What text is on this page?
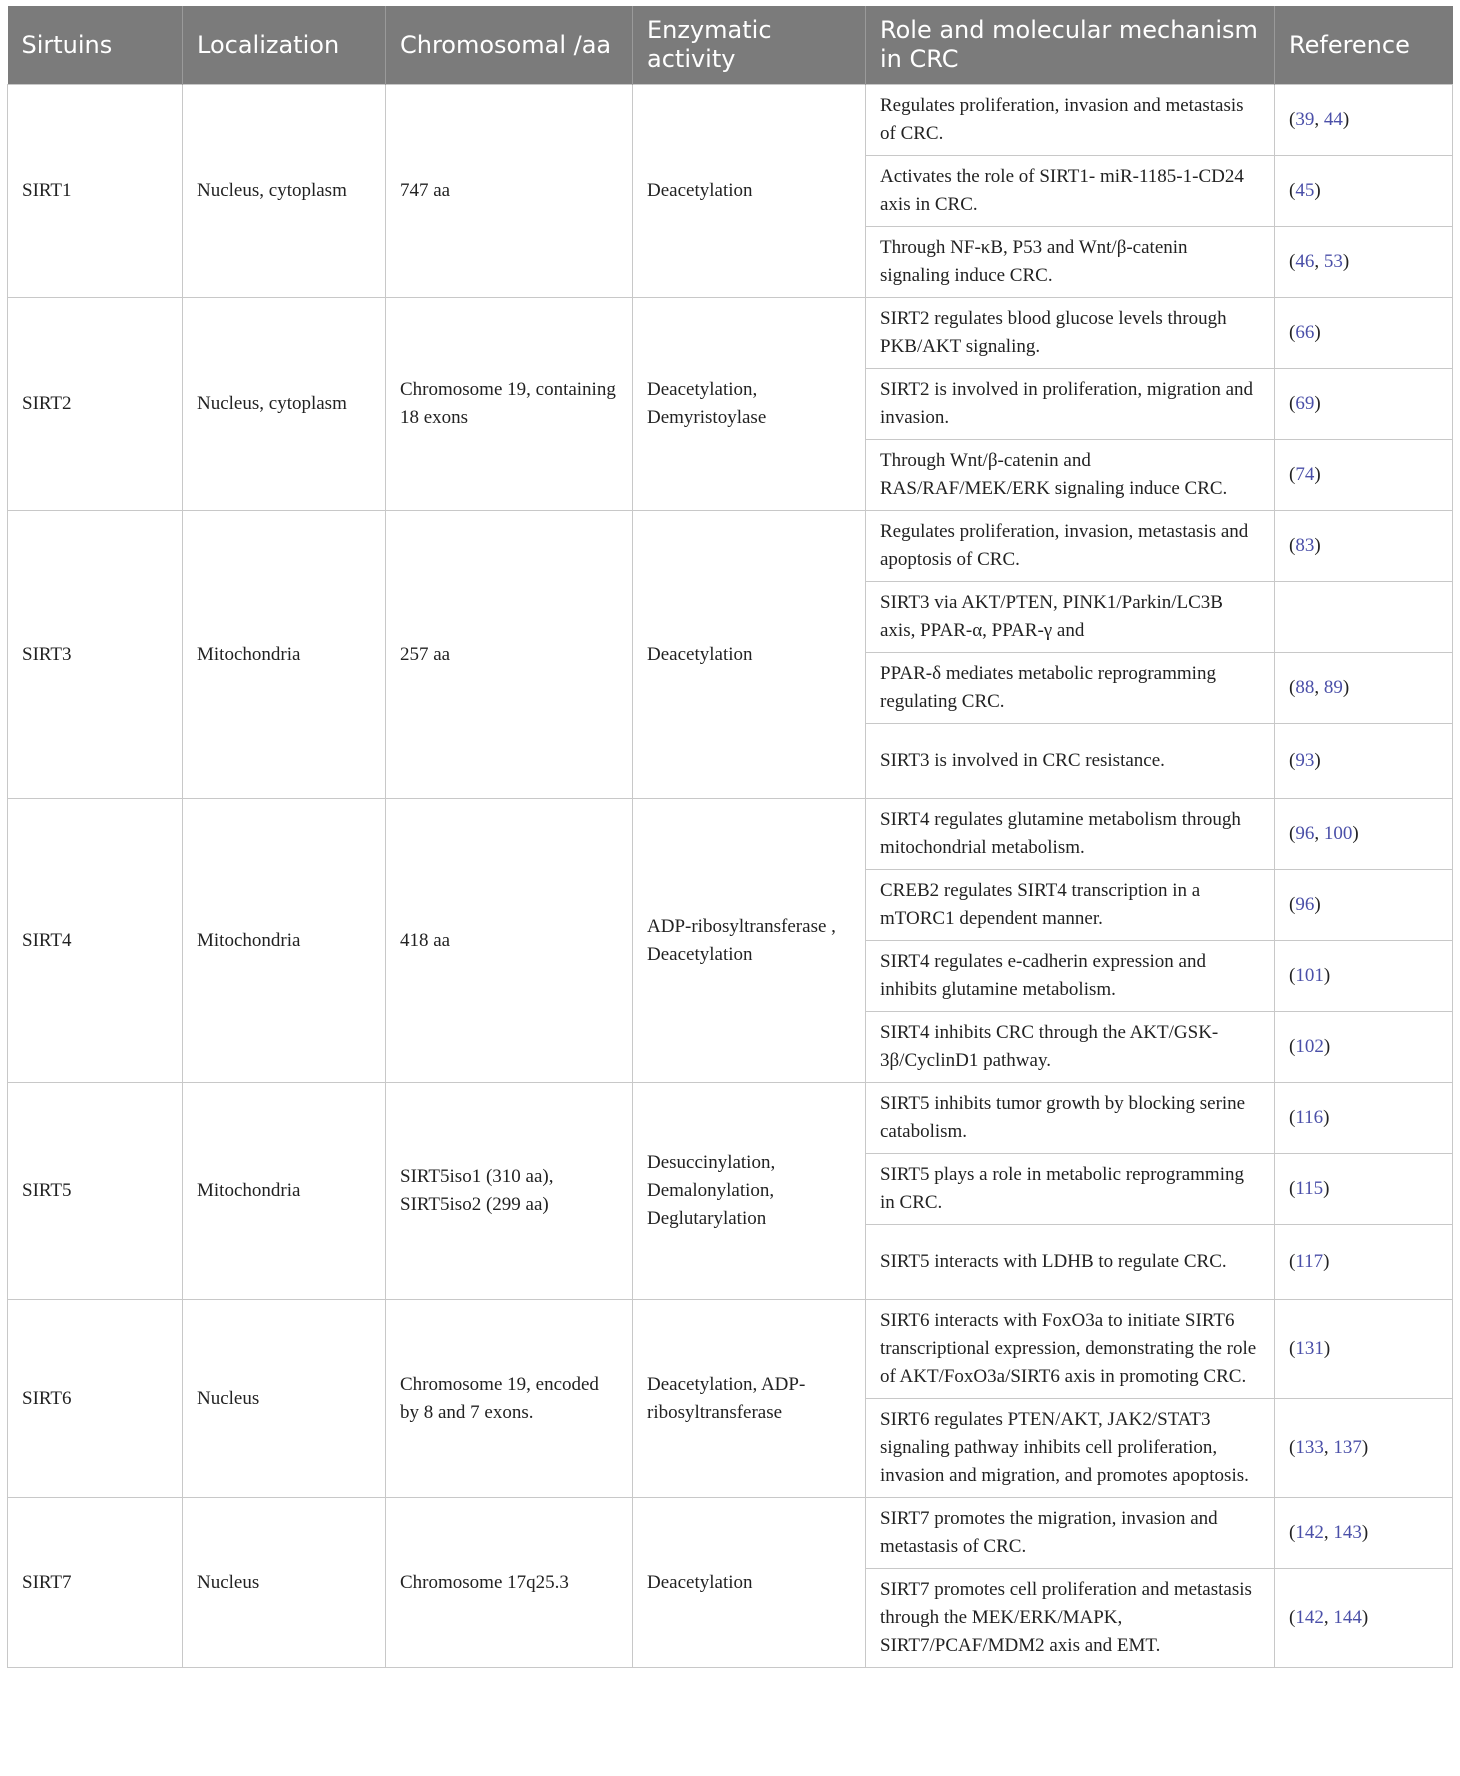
Sirtuins	Localization	Chromosomal /aa	Enzymatic activity	Role and molecular mechanism in CRC	Reference
SIRT1	Nucleus, cytoplasm	747 aa	Deacetylation	Regulates proliferation, invasion and metastasis of CRC.	(39, 44)
				Activates the role of SIRT1- miR-1185-1-CD24 axis in CRC.	(45)
				Through NF-κB, P53 and Wnt/β-catenin signaling induce CRC.	(46, 53)
SIRT2	Nucleus, cytoplasm	Chromosome 19, containing 18 exons	Deacetylation, Demyristoylase	SIRT2 regulates blood glucose levels through PKB/AKT signaling.	(66)
				SIRT2 is involved in proliferation, migration and invasion.	(69)
				Through Wnt/β-catenin and RAS/RAF/MEK/ERK signaling induce CRC.	(74)
SIRT3	Mitochondria	257 aa	Deacetylation	Regulates proliferation, invasion, metastasis and apoptosis of CRC.	(83)
				SIRT3 via AKT/PTEN, PINK1/Parkin/LC3B axis, PPAR-α, PPAR-γ and	
				PPAR-δ mediates metabolic reprogramming regulating CRC.	(88, 89)
				SIRT3 is involved in CRC resistance.	(93)
SIRT4	Mitochondria	418 aa	ADP-ribosyltransferase , Deacetylation	SIRT4 regulates glutamine metabolism through mitochondrial metabolism.	(96, 100)
				CREB2 regulates SIRT4 transcription in a mTORC1 dependent manner.	(96)
				SIRT4 regulates e-cadherin expression and inhibits glutamine metabolism.	(101)
				SIRT4 inhibits CRC through the AKT/GSK-3β/CyclinD1 pathway.	(102)
SIRT5	Mitochondria	SIRT5iso1 (310 aa), SIRT5iso2 (299 aa)	Desuccinylation, Demalonylation, Deglutarylation	SIRT5 inhibits tumor growth by blocking serine catabolism.	(116)
				SIRT5 plays a role in metabolic reprogramming in CRC.	(115)
				SIRT5 interacts with LDHB to regulate CRC.	(117)
SIRT6	Nucleus	Chromosome 19, encoded by 8 and 7 exons.	Deacetylation, ADP-ribosyltransferase	SIRT6 interacts with FoxO3a to initiate SIRT6 transcriptional expression, demonstrating the role of AKT/FoxO3a/SIRT6 axis in promoting CRC.	(131)
				SIRT6 regulates PTEN/AKT, JAK2/STAT3 signaling pathway inhibits cell proliferation, invasion and migration, and promotes apoptosis.	(133, 137)
SIRT7	Nucleus	Chromosome 17q25.3	Deacetylation	SIRT7 promotes the migration, invasion and metastasis of CRC.	(142, 143)
				SIRT7 promotes cell proliferation and metastasis through the MEK/ERK/MAPK, SIRT7/PCAF/MDM2 axis and EMT.	(142, 144)
